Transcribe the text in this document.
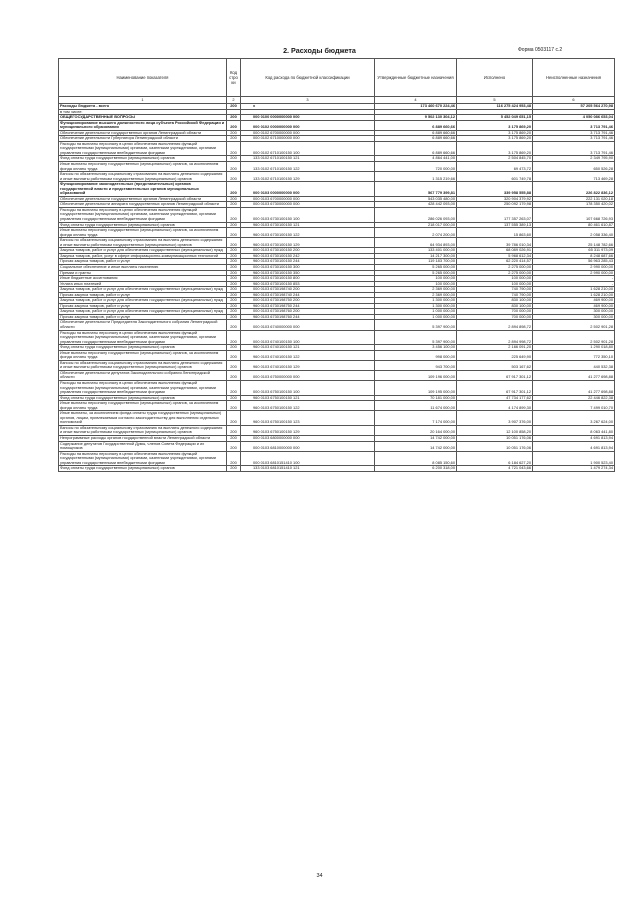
2. Расходы бюджета	Форма 0503117 с.2
Наименование показателя	Код стро ки	Код расхода по бюджетной классификации	Утвержденные бюджетные назначения	Исполнено	Неисполненные назначения
1	2	3	4	5	6
Расходы бюджета - всего	200	x	173 460 670 224,46	116 275 424 953,48	57 205 564 270,98
в том числе:					
ОБЩЕГОСУДАРСТВЕННЫЕ ВОПРОСЫ	200	000 0100 0000000000 000	9 502 130 304,12	5 452 049 651,15	4 050 086 653,04
Функционирование высшего должностного лица субъекта Российской Федерации и муниципального образования	200	000 0102 0000000000 000	6 889 660,66	3 175 869,20	3 713 791,46
Обеспечение деятельности государственных органов Ленинградской области	200	000 0102 6700000000 000	6 889 660,66	3 175 869,20	3 713 791,46
Обеспечение деятельности Губернатора Ленинградской области	200	000 0102 6710000000 000	6 889 660,66	3 175 869,20	3 713 791,46
Расходы на выплаты персоналу в целях обеспечения выполнения функций государственными (муниципальными) органами, казенными учреждениями, органами управления государственными внебюджетными фондами	200	000 0102 6710100150 100	6 889 660,66	3 175 869,20	3 713 791,46
Фонд оплаты труда государственных (муниципальных) органов	200	133 0102 6710100150 121	4 864 441,00	2 504 845,70	2 349 795,90
Иные выплаты персоналу государственных (муниципальных) органов, за исключением фонда оплаты труда	200	133 0102 6710100150 122	720 000,00	69 473,72	650 526,28
Взносы по обязательному социальному страхованию на выплаты денежного содержания и иные выплаты работникам государственных (муниципальных) органов	200	133 0102 6710100150 129	1 315 219,66	601 749,78	713 469,28
Функционирование законодательных (представительных) органов государственной власти и представительных органов муниципальных образований	200	000 0103 0000000000 000	567 779 399,81	339 958 555,88	226 822 836,12
Обеспечение деятельности государственных органов Ленинградской области	200	000 0103 6700000000 000	543 035 480,00	320 904 379,92	222 131 020,18
Обеспечение деятельности аппарата государственных органов Ленинградской области	200	000 0103 6730000000 000	428 442 093,00	250 092 179,98	178 350 420,02
Расходы на выплаты персоналу в целях обеспечения выполнения функций государственными (муниципальными) органами, казенными учреждениями, органами управления государственными внебюджетными фондами	200	000 0103 6730100150 100	286 026 093,00	177 357 263,07	107 668 726,93
Фонд оплаты труда государственных (муниципальных) органов	200	960 0103 6730100150 121	218 017 000,00	137 555 389,13	80 461 610,87
Иные выплаты персоналу государственных (муниципальных) органов, за исключением фонда оплаты труда	200	960 0103 6730100150 122	2 074 200,00	15 863,60	2 058 336,40
Взносы по обязательному социальному страхованию на выплаты денежного содержания и иные выплаты работникам государственных (муниципальных) органов	200	960 0103 6730100150 129	64 934 893,00	39 786 010,34	25 148 782,66
Закупка товаров, работ и услуг для обеспечения государственных (муниципальных) нужд	200	000 0103 6730100150 200	133 401 000,00	68 089 026,91	65 311 973,09
Закупка товаров, работ, услуг в сфере информационно-коммуникационных технологий	200	960 0103 6730100150 242	14 217 300,00	5 968 612,34	8 248 687,66
Прочая закупка товаров, работ и услуг	200	960 0103 6730100150 244	119 183 700,00	62 220 414,57	56 963 285,43
Социальное обеспечение и иные выплаты населению	200	000 0103 6730100150 300	5 265 000,00	2 275 000,00	2 990 000,00
Премии и гранты	200	960 0103 6730100150 350	5 265 000,00	2 275 000,00	2 990 000,00
Иные бюджетные ассигнования	200	000 0103 6730100150 800	100 000,00	100 000,00	-
Уплата иных платежей	200	960 0103 6730100150 853	100 000,00	100 000,00	-
Закупка товаров, работ и услуг для обеспечения государственных (муниципальных) нужд	200	000 0103 6730198740 200	2 369 000,00	740 790,00	1 628 210,00
Прочая закупка товаров, работ и услуг	200	960 0103 6730198740 244	2 369 000,00	740 790,00	1 628 210,00
Закупка товаров, работ и услуг для обеспечения государственных (муниципальных) нужд	200	000 0103 6730198750 200	1 300 000,00	830 100,00	469 900,00
Прочая закупка товаров, работ и услуг	200	960 0103 6730198750 244	1 300 000,00	830 100,00	469 900,00
Закупка товаров, работ и услуг для обеспечения государственных (муниципальных) нужд	200	000 0103 6730198760 200	1 000 000,00	700 000,00	300 000,00
Прочая закупка товаров, работ и услуг	200	960 0103 6730198760 244	1 000 000,00	700 000,00	300 000,00
Обеспечение деятельности Председателя Законодательного собрания Ленинградской области	200	000 0103 6740000000 000	5 397 900,00	2 894 898,72	2 502 901,28
Расходы на выплаты персоналу в целях обеспечения выполнения функций государственными (муниципальными) органами, казенными учреждениями, органами управления государственными внебюджетными фондами	200	000 0103 6740100150 100	5 397 900,00	2 894 998,72	2 502 901,28
Фонд оплаты труда государственных (муниципальных) органов	200	960 0103 6740100150 121	3 456 100,00	2 166 091,20	1 290 018,80
Иные выплаты персоналу государственных (муниципальных) органов, за исключением фонда оплаты труда	200	960 0103 6740100150 122	998 000,00	225 649,90	772 350,10
Взносы по обязательному социальному страхованию на выплаты денежного содержания и иные выплаты работникам государственных (муниципальных) органов	200	960 0103 6740100150 129	943 700,00	503 167,62	440 532,38
Обеспечение деятельности депутатов Законодательного собрания Ленинградской области	200	000 0103 6750000000 000	109 196 000,00	67 917 301,12	41 277 698,88
Расходы на выплаты персоналу в целях обеспечения выполнения функций государственными (муниципальными) органами, казенными учреждениями, органами управления государственными внебюджетными фондами	200	000 0103 6750100150 100	109 195 000,00	67 917 301,12	41 277 698,88
Фонд оплаты труда государственных (муниципальных) органов	200	960 0103 6750100150 121	70 181 000,00	47 734 177,62	22 446 822,38
Иные выплаты персоналу государственных (муниципальных) органов, за исключением фонда оплаты труда	200	960 0103 6750100150 122	11 674 000,00	4 174 899,30	7 499 010,70
Иные выплаты, за исключением фонда оплаты труда государственных (муниципальных) органов, лицам, привлекаемым согласно законодательству для выполнения отдельных полномочий	200	960 0103 6750100150 123	7 174 000,00	3 907 376,00	3 267 624,00
Взносы по обязательному социальному страхованию на выплаты денежного содержания и иные выплаты работникам государственных (муниципальных) органов	200	960 0103 6750100150 129	20 164 000,00	12 100 858,20	8 063 441,80
Непрограммные расходы органов государственной власти Ленинградской области	200	000 0103 6800000000 000	14 742 000,00	10 051 176,06	4 691 813,94
Содержание депутатов Государственной Думы, членов Совета Федерации и их помощников	200	000 0103 6810000000 000	14 742 000,00	10 051 176,06	4 691 813,94
Расходы на выплаты персоналу в целях обеспечения выполнения функций государственными (муниципальными) органами, казенными учреждениями, органами управления государственными внебюджетными фондами	200	000 0103 6810151410 100	8 085 150,60	6 184 627,20	1 900 523,40
Фонд оплаты труда государственных (муниципальных) органов	200	133 0103 6810151410 121	6 200 318,00	4 721 043,66	1 479 274,34
34
